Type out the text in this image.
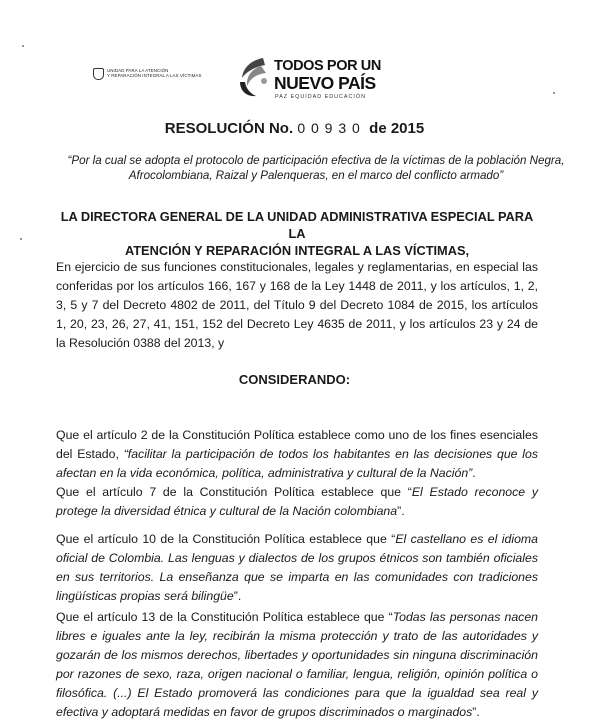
UNIDAD PARA LA ATENCIÓN
Y REPARACIÓN INTEGRAL A LAS VÍCTIMAS
TODOS POR UN
NUEVO PAÍS
PAZ EQUIDAD EDUCACIÓN
RESOLUCIÓN No. 0 0 9 3 0 de 2015
“Por la cual se adopta el protocolo de participación efectiva de la víctimas de la población Negra,
Afrocolombiana, Raizal y Palenqueras, en el marco del conflicto armado”
LA DIRECTORA GENERAL DE LA UNIDAD ADMINISTRATIVA ESPECIAL PARA LA
ATENCIÓN Y REPARACIÓN INTEGRAL A LAS VÍCTIMAS,
En ejercicio de sus funciones constitucionales, legales y reglamentarias, en especial las conferidas por los artículos 166, 167 y 168 de la Ley 1448 de 2011, y los artículos, 1, 2, 3, 5 y 7 del Decreto 4802 de 2011, del Título 9 del Decreto 1084 de 2015, los artículos 1, 20, 23, 26, 27, 41, 151, 152 del Decreto Ley 4635 de 2011, y los artículos 23 y 24 de la Resolución 0388 del 2013, y
CONSIDERANDO:
Que el artículo 2 de la Constitución Política establece como uno de los fines esenciales del Estado, “facilitar la participación de todos los habitantes en las decisiones que los afectan en la vida económica, política, administrativa y cultural de la Nación”.
Que el artículo 7 de la Constitución Política establece que “El Estado reconoce y protege la diversidad étnica y cultural de la Nación colombiana”.
Que el artículo 10 de la Constitución Política establece que “El castellano es el idioma oficial de Colombia. Las lenguas y dialectos de los grupos étnicos son también oficiales en sus territorios. La enseñanza que se imparta en las comunidades con tradiciones lingüísticas propias será bilingüe”.
Que el artículo 13 de la Constitución Política establece que “Todas las personas nacen libres e iguales ante la ley, recibirán la misma protección y trato de las autoridades y gozarán de los mismos derechos, libertades y oportunidades sin ninguna discriminación por razones de sexo, raza, origen nacional o familiar, lengua, religión, opinión política o filosófica. (...) El Estado promoverá las condiciones para que la igualdad sea real y efectiva y adoptará medidas en favor de grupos discriminados o marginados”.
